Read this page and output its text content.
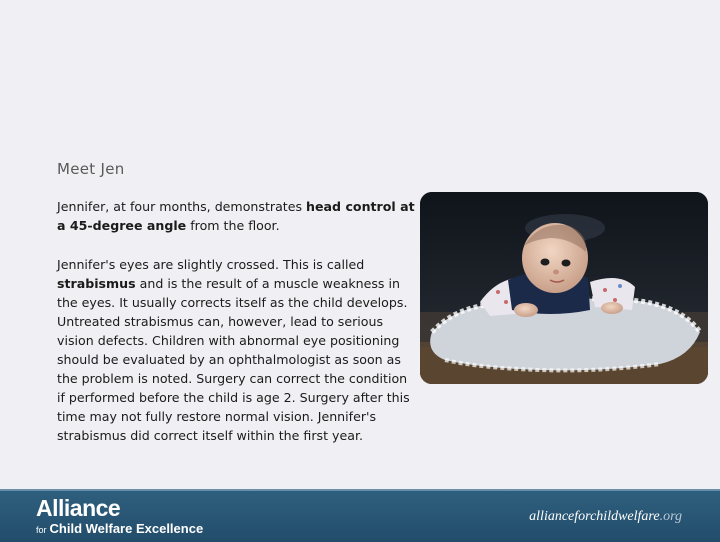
Meet Jen
Jennifer, at four months, demonstrates head control at a 45-degree angle from the floor.
Jennifer's eyes are slightly crossed. This is called strabismus and is the result of a muscle weakness in the eyes. It usually corrects itself as the child develops. Untreated strabismus can, however, lead to serious vision defects. Children with abnormal eye positioning should be evaluated by an ophthalmologist as soon as the problem is noted. Surgery can correct the condition if performed before the child is age 2. Surgery after this time may not fully restore normal vision. Jennifer's strabismus did correct itself within the first year.
Alliance
for Child Welfare Excellence
allianceforchildwelfare.org
